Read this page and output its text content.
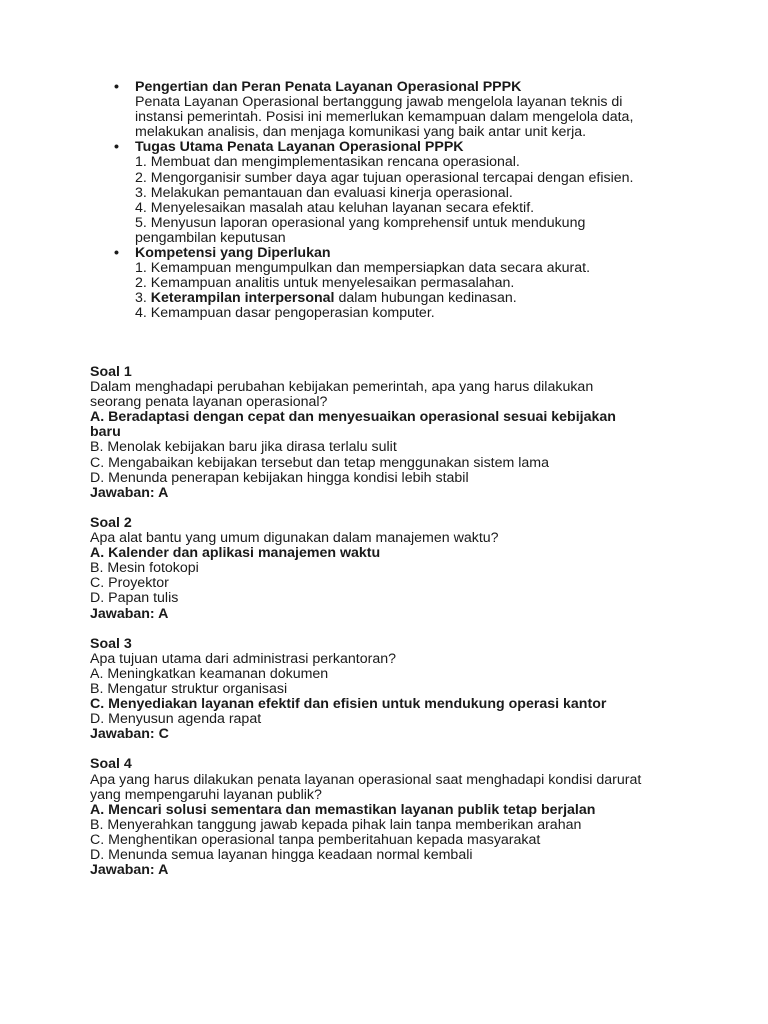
• Pengertian dan Peran Penata Layanan Operasional PPPK
Penata Layanan Operasional bertanggung jawab mengelola layanan teknis di
instansi pemerintah. Posisi ini memerlukan kemampuan dalam mengelola data,
melakukan analisis, dan menjaga komunikasi yang baik antar unit kerja.
• Tugas Utama Penata Layanan Operasional PPPK
1. Membuat dan mengimplementasikan rencana operasional.
2. Mengorganisir sumber daya agar tujuan operasional tercapai dengan efisien.
3. Melakukan pemantauan dan evaluasi kinerja operasional.
4. Menyelesaikan masalah atau keluhan layanan secara efektif.
5. Menyusun laporan operasional yang komprehensif untuk mendukung
pengambilan keputusan
• Kompetensi yang Diperlukan
1. Kemampuan mengumpulkan dan mempersiapkan data secara akurat.
2. Kemampuan analitis untuk menyelesaikan permasalahan.
3. Keterampilan interpersonal dalam hubungan kedinasan.
4. Kemampuan dasar pengoperasian komputer.
Soal 1
Dalam menghadapi perubahan kebijakan pemerintah, apa yang harus dilakukan
seorang penata layanan operasional?
A. Beradaptasi dengan cepat dan menyesuaikan operasional sesuai kebijakan
baru
B. Menolak kebijakan baru jika dirasa terlalu sulit
C. Mengabaikan kebijakan tersebut dan tetap menggunakan sistem lama
D. Menunda penerapan kebijakan hingga kondisi lebih stabil
Jawaban: A
Soal 2
Apa alat bantu yang umum digunakan dalam manajemen waktu?
A. Kalender dan aplikasi manajemen waktu
B. Mesin fotokopi
C. Proyektor
D. Papan tulis
Jawaban: A
Soal 3
Apa tujuan utama dari administrasi perkantoran?
A. Meningkatkan keamanan dokumen
B. Mengatur struktur organisasi
C. Menyediakan layanan efektif dan efisien untuk mendukung operasi kantor
D. Menyusun agenda rapat
Jawaban: C
Soal 4
Apa yang harus dilakukan penata layanan operasional saat menghadapi kondisi darurat
yang mempengaruhi layanan publik?
A. Mencari solusi sementara dan memastikan layanan publik tetap berjalan
B. Menyerahkan tanggung jawab kepada pihak lain tanpa memberikan arahan
C. Menghentikan operasional tanpa pemberitahuan kepada masyarakat
D. Menunda semua layanan hingga keadaan normal kembali
Jawaban: A
